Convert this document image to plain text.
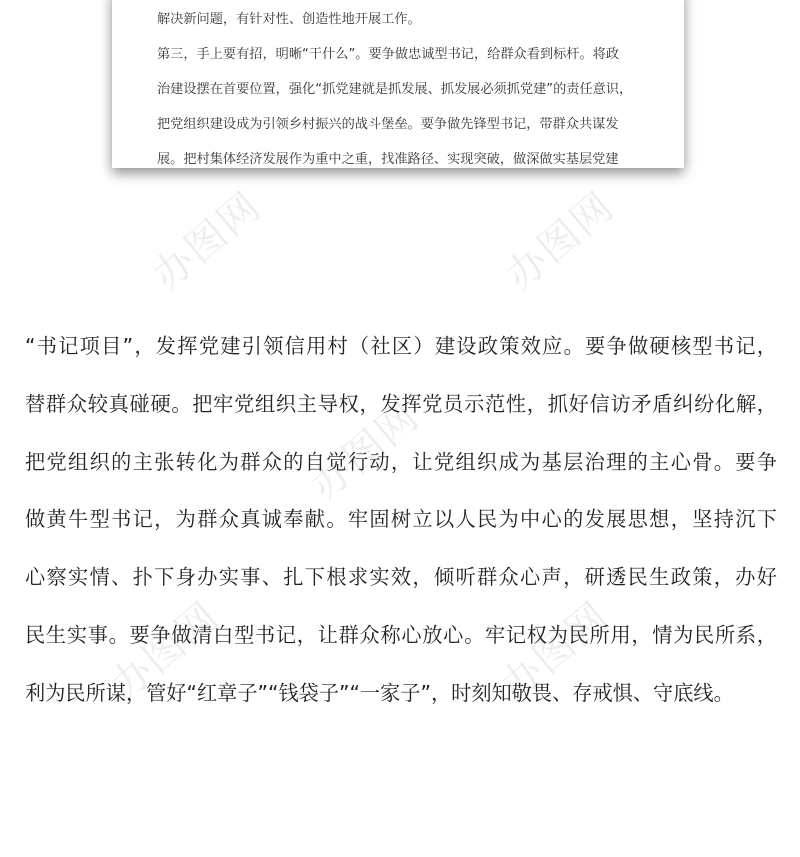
解决新问题，有针对性、创造性地开展工作。

第三，手上要有招，明晰“干什么”。要争做忠诚型书记，给群众看到标杆。将政

治建设摆在首要位置，强化“抓党建就是抓发展、抓发展必须抓党建”的责任意识，

把党组织建设成为引领乡村振兴的战斗堡垒。要争做先锋型书记，带群众共谋发

展。把村集体经济发展作为重中之重，找准路径、实现突破，做深做实基层党建

办图网	办图网
办图网
办图网	办图网

“书记项目”，发挥党建引领信用村（社区）建设政策效应。要争做硬核型书记，

替群众较真碰硬。把牢党组织主导权，发挥党员示范性，抓好信访矛盾纠纷化解，

把党组织的主张转化为群众的自觉行动，让党组织成为基层治理的主心骨。要争

做黄牛型书记，为群众真诚奉献。牢固树立以人民为中心的发展思想，坚持沉下

心察实情、扑下身办实事、扎下根求实效，倾听群众心声，研透民生政策，办好

民生实事。要争做清白型书记，让群众称心放心。牢记权为民所用，情为民所系，

利为民所谋，管好“红章子”“钱袋子”“一家子”，时刻知敬畏、存戒惧、守底线。
